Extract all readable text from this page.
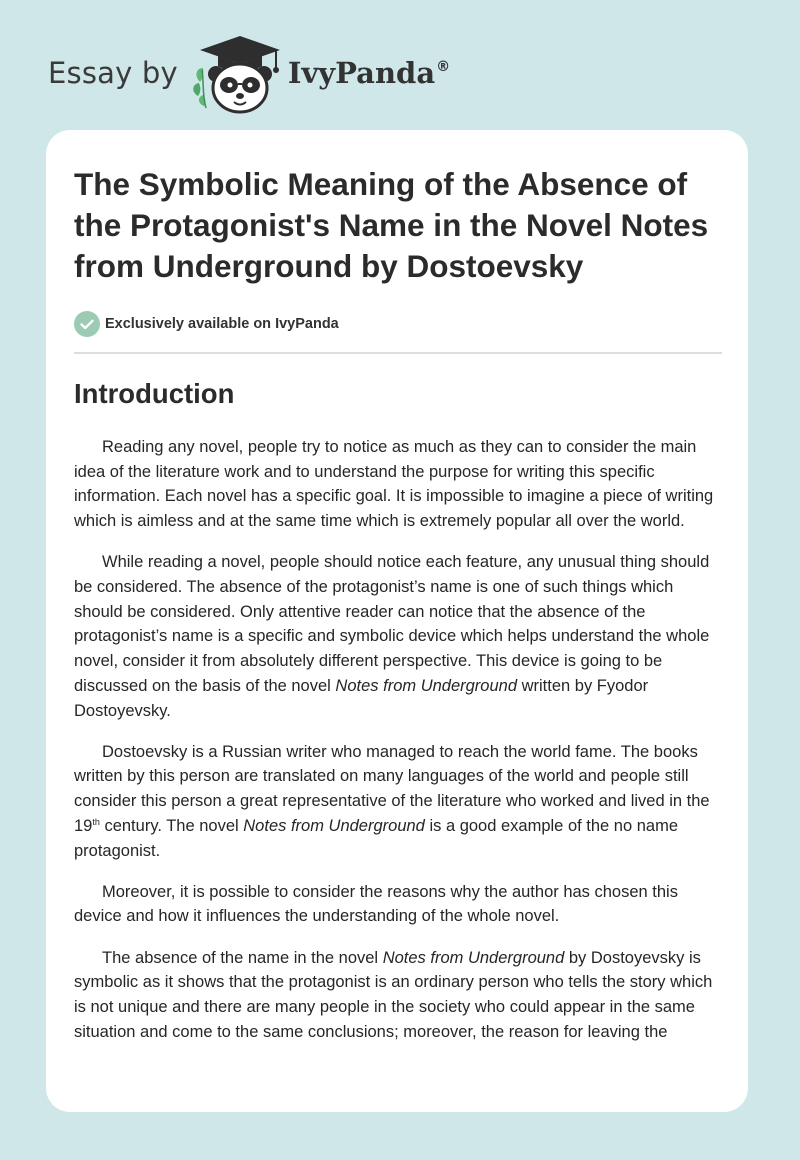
Essay by	IvyPanda®
The Symbolic Meaning of the Absence of the Protagonist's Name in the Novel Notes from Underground by Dostoevsky
Exclusively available on IvyPanda
Introduction

Reading any novel, people try to notice as much as they can to consider the main idea of the literature work and to understand the purpose for writing this specific information. Each novel has a specific goal. It is impossible to imagine a piece of writing which is aimless and at the same time which is extremely popular all over the world.

While reading a novel, people should notice each feature, any unusual thing should be considered. The absence of the protagonist’s name is one of such things which should be considered. Only attentive reader can notice that the absence of the protagonist’s name is a specific and symbolic device which helps understand the whole novel, consider it from absolutely different perspective. This device is going to be discussed on the basis of the novel Notes from Underground written by Fyodor Dostoyevsky.

Dostoevsky is a Russian writer who managed to reach the world fame. The books written by this person are translated on many languages of the world and people still consider this person a great representative of the literature who worked and lived in the 19th century. The novel Notes from Underground is a good example of the no name protagonist.

Moreover, it is possible to consider the reasons why the author has chosen this device and how it influences the understanding of the whole novel.

The absence of the name in the novel Notes from Underground by Dostoyevsky is symbolic as it shows that the protagonist is an ordinary person who tells the story which is not unique and there are many people in the society who could appear in the same situation and come to the same conclusions; moreover, the reason for leaving the
